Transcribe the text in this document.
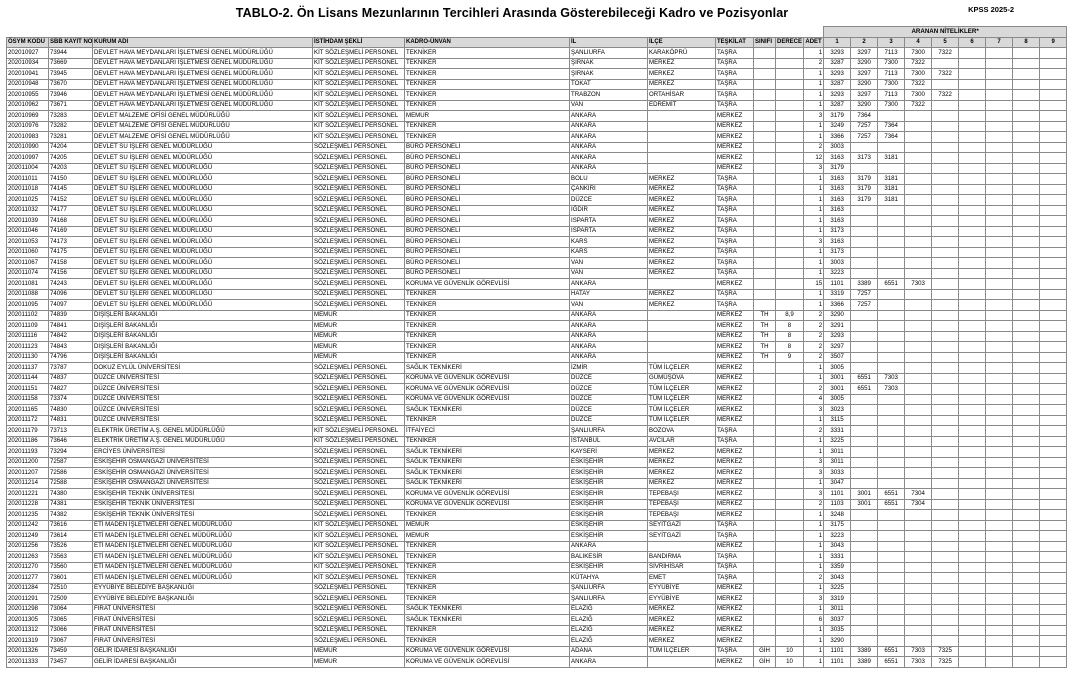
TABLO-2. Ön Lisans Mezunlarının Tercihleri Arasında Gösterebileceği Kadro ve Pozisyonlar	KPSS 2025-2
											ARANAN NİTELİKLER*								
ÖSYM KODU	SBB KAYIT NO	KURUM ADI	İSTİHDAM ŞEKLİ	KADRO-ÜNVAN	İL	İLÇE	TEŞKİLAT	SINIFI	DERECE	ADET	1	2	3	4	5	6	7	8	9
202010927	73944	DEVLET HAVA MEYDANLARI İŞLETMESİ GENEL MÜDÜRLÜĞÜ	KİT SÖZLEŞMELİ PERSONEL	TEKNİKER	ŞANLIURFA	KARAKÖPRÜ	TAŞRA			1	3293	3297	7113	7300	7322				
202010934	73669	DEVLET HAVA MEYDANLARI İŞLETMESİ GENEL MÜDÜRLÜĞÜ	KİT SÖZLEŞMELİ PERSONEL	TEKNİKER	ŞIRNAK	MERKEZ	TAŞRA			2	3287	3290	7300	7322					
202010941	73945	DEVLET HAVA MEYDANLARI İŞLETMESİ GENEL MÜDÜRLÜĞÜ	KİT SÖZLEŞMELİ PERSONEL	TEKNİKER	ŞIRNAK	MERKEZ	TAŞRA			1	3293	3297	7113	7300	7322				
202010948	73670	DEVLET HAVA MEYDANLARI İŞLETMESİ GENEL MÜDÜRLÜĞÜ	KİT SÖZLEŞMELİ PERSONEL	TEKNİKER	TOKAT	MERKEZ	TAŞRA			1	3287	3290	7300	7322					
202010955	73946	DEVLET HAVA MEYDANLARI İŞLETMESİ GENEL MÜDÜRLÜĞÜ	KİT SÖZLEŞMELİ PERSONEL	TEKNİKER	TRABZON	ORTAHİSAR	TAŞRA			1	3293	3297	7113	7300	7322				
202010962	73671	DEVLET HAVA MEYDANLARI İŞLETMESİ GENEL MÜDÜRLÜĞÜ	KİT SÖZLEŞMELİ PERSONEL	TEKNİKER	VAN	EDREMİT	TAŞRA			1	3287	3290	7300	7322					
202010969	73283	DEVLET MALZEME OFİSİ GENEL MÜDÜRLÜĞÜ	KİT SÖZLEŞMELİ PERSONEL	MEMUR	ANKARA		MERKEZ			3	3179	7364							
202010976	73282	DEVLET MALZEME OFİSİ GENEL MÜDÜRLÜĞÜ	KİT SÖZLEŞMELİ PERSONEL	TEKNİKER	ANKARA		MERKEZ			1	3249	7257	7364						
202010983	73281	DEVLET MALZEME OFİSİ GENEL MÜDÜRLÜĞÜ	KİT SÖZLEŞMELİ PERSONEL	TEKNİKER	ANKARA		MERKEZ			1	3366	7257	7364						
202010990	74204	DEVLET SU İŞLERİ GENEL MÜDÜRLÜĞÜ	SÖZLEŞMELİ PERSONEL	BÜRO PERSONELİ	ANKARA		MERKEZ			2	3003								
202010997	74205	DEVLET SU İŞLERİ GENEL MÜDÜRLÜĞÜ	SÖZLEŞMELİ PERSONEL	BÜRO PERSONELİ	ANKARA		MERKEZ			12	3163	3173	3181						
202011004	74203	DEVLET SU İŞLERİ GENEL MÜDÜRLÜĞÜ	SÖZLEŞMELİ PERSONEL	BÜRO PERSONELİ	ANKARA		MERKEZ			3	3179								
202011011	74150	DEVLET SU İŞLERİ GENEL MÜDÜRLÜĞÜ	SÖZLEŞMELİ PERSONEL	BÜRO PERSONELİ	BOLU	MERKEZ	TAŞRA			1	3163	3179	3181						
202011018	74145	DEVLET SU İŞLERİ GENEL MÜDÜRLÜĞÜ	SÖZLEŞMELİ PERSONEL	BÜRO PERSONELİ	ÇANKIRI	MERKEZ	TAŞRA			1	3163	3179	3181						
202011025	74152	DEVLET SU İŞLERİ GENEL MÜDÜRLÜĞÜ	SÖZLEŞMELİ PERSONEL	BÜRO PERSONELİ	DÜZCE	MERKEZ	TAŞRA			1	3163	3179	3181						
202011032	74177	DEVLET SU İŞLERİ GENEL MÜDÜRLÜĞÜ	SÖZLEŞMELİ PERSONEL	BÜRO PERSONELİ	IĞDIR	MERKEZ	TAŞRA			1	3163								
202011039	74168	DEVLET SU İŞLERİ GENEL MÜDÜRLÜĞÜ	SÖZLEŞMELİ PERSONEL	BÜRO PERSONELİ	ISPARTA	MERKEZ	TAŞRA			1	3163								
202011046	74169	DEVLET SU İŞLERİ GENEL MÜDÜRLÜĞÜ	SÖZLEŞMELİ PERSONEL	BÜRO PERSONELİ	ISPARTA	MERKEZ	TAŞRA			1	3173								
202011053	74173	DEVLET SU İŞLERİ GENEL MÜDÜRLÜĞÜ	SÖZLEŞMELİ PERSONEL	BÜRO PERSONELİ	KARS	MERKEZ	TAŞRA			3	3163								
202011060	74175	DEVLET SU İŞLERİ GENEL MÜDÜRLÜĞÜ	SÖZLEŞMELİ PERSONEL	BÜRO PERSONELİ	KARS	MERKEZ	TAŞRA			1	3173								
202011067	74158	DEVLET SU İŞLERİ GENEL MÜDÜRLÜĞÜ	SÖZLEŞMELİ PERSONEL	BÜRO PERSONELİ	VAN	MERKEZ	TAŞRA			1	3003								
202011074	74156	DEVLET SU İŞLERİ GENEL MÜDÜRLÜĞÜ	SÖZLEŞMELİ PERSONEL	BÜRO PERSONELİ	VAN	MERKEZ	TAŞRA			1	3223								
202011081	74243	DEVLET SU İŞLERİ GENEL MÜDÜRLÜĞÜ	SÖZLEŞMELİ PERSONEL	KORUMA VE GÜVENLİK GÖREVLİSİ	ANKARA		MERKEZ			15	1101	3389	6551	7303					
202011088	74096	DEVLET SU İŞLERİ GENEL MÜDÜRLÜĞÜ	SÖZLEŞMELİ PERSONEL	TEKNİKER	HATAY	MERKEZ	TAŞRA			1	3319	7257							
202011095	74097	DEVLET SU İŞLERİ GENEL MÜDÜRLÜĞÜ	SÖZLEŞMELİ PERSONEL	TEKNİKER	VAN	MERKEZ	TAŞRA			1	3366	7257							
202011102	74839	DIŞİŞLERİ BAKANLIĞI	MEMUR	TEKNİKER	ANKARA		MERKEZ	TH	8,9	2	3290								
202011109	74841	DIŞİŞLERİ BAKANLIĞI	MEMUR	TEKNİKER	ANKARA		MERKEZ	TH	8	2	3291								
202011116	74842	DIŞİŞLERİ BAKANLIĞI	MEMUR	TEKNİKER	ANKARA		MERKEZ	TH	8	2	3293								
202011123	74843	DIŞİŞLERİ BAKANLIĞI	MEMUR	TEKNİKER	ANKARA		MERKEZ	TH	8	2	3297								
202011130	74796	DIŞİŞLERİ BAKANLIĞI	MEMUR	TEKNİKER	ANKARA		MERKEZ	TH	9	2	3507								
202011137	73787	DOKUZ EYLÜL ÜNİVERSİTESİ	SÖZLEŞMELİ PERSONEL	SAĞLIK TEKNİKERİ	İZMİR	TÜM İLÇELER	MERKEZ			1	3005								
202011144	74837	DÜZCE ÜNİVERSİTESİ	SÖZLEŞMELİ PERSONEL	KORUMA VE GÜVENLİK GÖREVLİSİ	DÜZCE	GÜMÜŞOVA	MERKEZ			1	3001	6551	7303						
202011151	74827	DÜZCE ÜNİVERSİTESİ	SÖZLEŞMELİ PERSONEL	KORUMA VE GÜVENLİK GÖREVLİSİ	DÜZCE	TÜM İLÇELER	MERKEZ			2	3001	6551	7303						
202011158	73374	DÜZCE ÜNİVERSİTESİ	SÖZLEŞMELİ PERSONEL	KORUMA VE GÜVENLİK GÖREVLİSİ	DÜZCE	TÜM İLÇELER	MERKEZ			4	3005								
202011165	74830	DÜZCE ÜNİVERSİTESİ	SÖZLEŞMELİ PERSONEL	SAĞLIK TEKNİKERİ	DÜZCE	TÜM İLÇELER	MERKEZ			3	3023								
202011172	74831	DÜZCE ÜNİVERSİTESİ	SÖZLEŞMELİ PERSONEL	TEKNİKER	DÜZCE	TÜM İLÇELER	MERKEZ			1	3115								
202011179	73713	ELEKTRİK ÜRETİM A.Ş. GENEL MÜDÜRLÜĞÜ	KİT SÖZLEŞMELİ PERSONEL	İTFAİYECİ	ŞANLIURFA	BOZOVA	TAŞRA			2	3331								
202011186	73646	ELEKTRİK ÜRETİM A.Ş. GENEL MÜDÜRLÜĞÜ	KİT SÖZLEŞMELİ PERSONEL	TEKNİKER	İSTANBUL	AVCILAR	TAŞRA			1	3225								
202011193	73294	ERCİYES ÜNİVERSİTESİ	SÖZLEŞMELİ PERSONEL	SAĞLIK TEKNİKERİ	KAYSERİ	MERKEZ	MERKEZ			1	3011								
202011200	72587	ESKİŞEHİR OSMANGAZİ ÜNİVERSİTESİ	SÖZLEŞMELİ PERSONEL	SAĞLIK TEKNİKERİ	ESKİŞEHİR	MERKEZ	MERKEZ			3	3011								
202011207	72586	ESKİŞEHİR OSMANGAZİ ÜNİVERSİTESİ	SÖZLEŞMELİ PERSONEL	SAĞLIK TEKNİKERİ	ESKİŞEHİR	MERKEZ	MERKEZ			3	3033								
202011214	72588	ESKİŞEHİR OSMANGAZİ ÜNİVERSİTESİ	SÖZLEŞMELİ PERSONEL	SAĞLIK TEKNİKERİ	ESKİŞEHİR	MERKEZ	MERKEZ			1	3047								
202011221	74380	ESKİŞEHİR TEKNİK ÜNİVERSİTESİ	SÖZLEŞMELİ PERSONEL	KORUMA VE GÜVENLİK GÖREVLİSİ	ESKİŞEHİR	TEPEBAŞI	MERKEZ			3	1101	3001	6551	7304					
202011228	74381	ESKİŞEHİR TEKNİK ÜNİVERSİTESİ	SÖZLEŞMELİ PERSONEL	KORUMA VE GÜVENLİK GÖREVLİSİ	ESKİŞEHİR	TEPEBAŞI	MERKEZ			2	1103	3001	6551	7304					
202011235	74382	ESKİŞEHİR TEKNİK ÜNİVERSİTESİ	SÖZLEŞMELİ PERSONEL	TEKNİKER	ESKİŞEHİR	TEPEBAŞI	MERKEZ			1	3248								
202011242	73616	ETİ MADEN İŞLETMELERİ GENEL MÜDÜRLÜĞÜ	KİT SÖZLEŞMELİ PERSONEL	MEMUR	ESKİŞEHİR	SEYİTGAZİ	TAŞRA			1	3175								
202011249	73614	ETİ MADEN İŞLETMELERİ GENEL MÜDÜRLÜĞÜ	KİT SÖZLEŞMELİ PERSONEL	MEMUR	ESKİŞEHİR	SEYİTGAZİ	TAŞRA			1	3223								
202011256	73526	ETİ MADEN İŞLETMELERİ GENEL MÜDÜRLÜĞÜ	KİT SÖZLEŞMELİ PERSONEL	TEKNİKER	ANKARA		MERKEZ			1	3043								
202011263	73563	ETİ MADEN İŞLETMELERİ GENEL MÜDÜRLÜĞÜ	KİT SÖZLEŞMELİ PERSONEL	TEKNİKER	BALIKESİR	BANDIRMA	TAŞRA			1	3331								
202011270	73560	ETİ MADEN İŞLETMELERİ GENEL MÜDÜRLÜĞÜ	KİT SÖZLEŞMELİ PERSONEL	TEKNİKER	ESKİŞEHİR	SİVRİHİSAR	TAŞRA			1	3359								
202011277	73601	ETİ MADEN İŞLETMELERİ GENEL MÜDÜRLÜĞÜ	KİT SÖZLEŞMELİ PERSONEL	TEKNİKER	KÜTAHYA	EMET	TAŞRA			2	3043								
202011284	72510	EYYÜBİYE BELEDİYE BAŞKANLIĞI	SÖZLEŞMELİ PERSONEL	TEKNİKER	ŞANLIURFA	EYYÜBİYE	MERKEZ			1	3225								
202011291	72509	EYYÜBİYE BELEDİYE BAŞKANLIĞI	SÖZLEŞMELİ PERSONEL	TEKNİKER	ŞANLIURFA	EYYÜBİYE	MERKEZ			3	3319								
202011298	73064	FIRAT ÜNİVERSİTESİ	SÖZLEŞMELİ PERSONEL	SAĞLIK TEKNİKERİ	ELAZIĞ	MERKEZ	MERKEZ			1	3011								
202011305	73065	FIRAT ÜNİVERSİTESİ	SÖZLEŞMELİ PERSONEL	SAĞLIK TEKNİKERİ	ELAZIĞ	MERKEZ	MERKEZ			6	3037								
202011312	73066	FIRAT ÜNİVERSİTESİ	SÖZLEŞMELİ PERSONEL	TEKNİKER	ELAZIĞ	MERKEZ	MERKEZ			1	3035								
202011319	73067	FIRAT ÜNİVERSİTESİ	SÖZLEŞMELİ PERSONEL	TEKNİKER	ELAZIĞ	MERKEZ	MERKEZ			1	3290								
202011326	73459	GELİR İDARESİ BAŞKANLIĞI	MEMUR	KORUMA VE GÜVENLİK GÖREVLİSİ	ADANA	TÜM İLÇELER	TAŞRA	GİH	10	1	1101	3389	6551	7303	7325				
202011333	73457	GELİR İDARESİ BAŞKANLIĞI	MEMUR	KORUMA VE GÜVENLİK GÖREVLİSİ	ANKARA		MERKEZ	GİH	10	1	1101	3389	6551	7303	7325				
